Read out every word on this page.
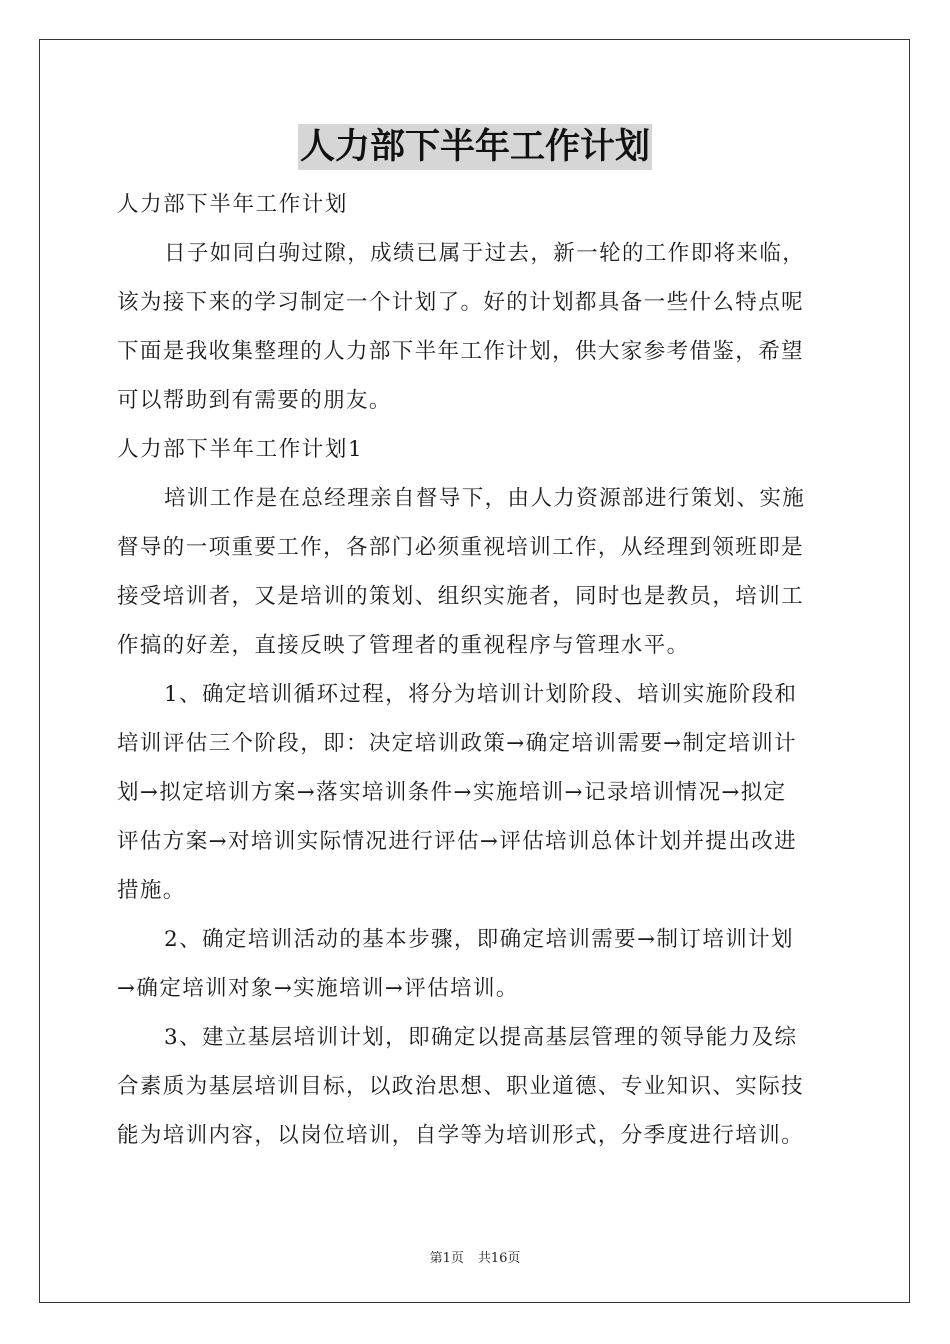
人力部下半年工作计划
人力部下半年工作计划
日子如同白驹过隙，成绩已属于过去，新一轮的工作即将来临，
该为接下来的学习制定一个计划了。好的计划都具备一些什么特点呢
下面是我收集整理的人力部下半年工作计划，供大家参考借鉴，希望
可以帮助到有需要的朋友。
人力部下半年工作计划1
培训工作是在总经理亲自督导下，由人力资源部进行策划、实施
督导的一项重要工作，各部门必须重视培训工作，从经理到领班即是
接受培训者，又是培训的策划、组织实施者，同时也是教员，培训工
作搞的好差，直接反映了管理者的重视程序与管理水平。
1、确定培训循环过程，将分为培训计划阶段、培训实施阶段和
培训评估三个阶段，即：决定培训政策→确定培训需要→制定培训计
划→拟定培训方案→落实培训条件→实施培训→记录培训情况→拟定
评估方案→对培训实际情况进行评估→评估培训总体计划并提出改进
措施。
2、确定培训活动的基本步骤，即确定培训需要→制订培训计划
→确定培训对象→实施培训→评估培训。
3、建立基层培训计划，即确定以提高基层管理的领导能力及综
合素质为基层培训目标，以政治思想、职业道德、专业知识、实际技
能为培训内容，以岗位培训，自学等为培训形式，分季度进行培训。
第1页 共16页
